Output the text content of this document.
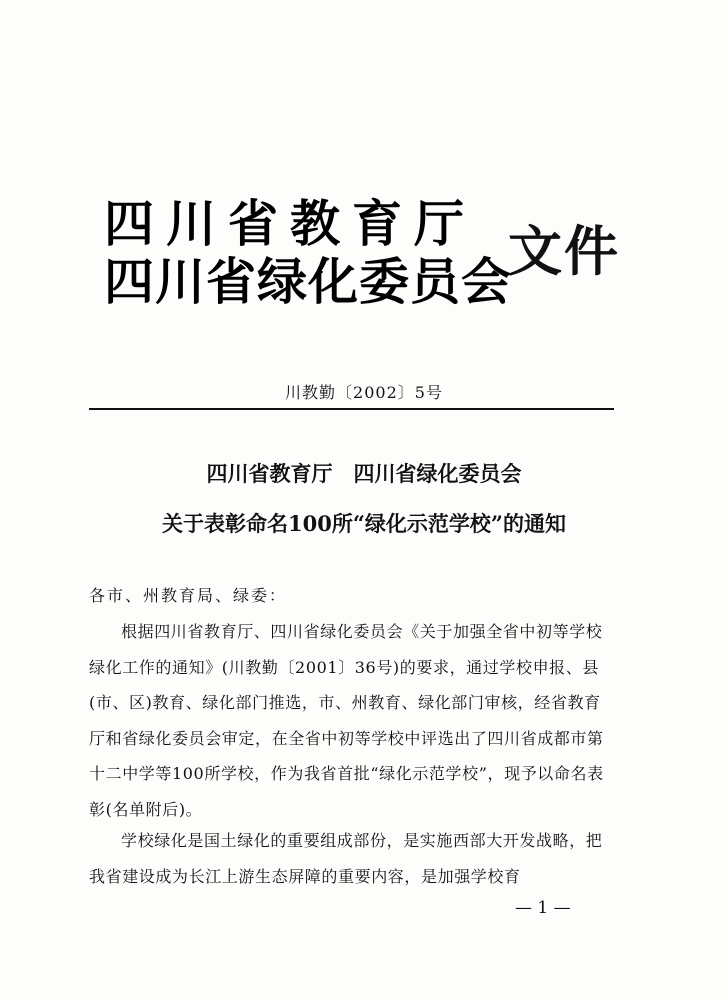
四川省教育厅
四川省绿化委员会
文件
川教勤〔2002〕5号
四川省教育厅　四川省绿化委员会
关于表彰命名100所“绿化示范学校”的通知
各市、州教育局、绿委：
根据四川省教育厅、四川省绿化委员会《关于加强全省中初等学校绿化工作的通知》(川教勤〔2001〕36号)的要求，通过学校申报、县(市、区)教育、绿化部门推选，市、州教育、绿化部门审核，经省教育厅和省绿化委员会审定，在全省中初等学校中评选出了四川省成都市第十二中学等100所学校，作为我省首批“绿化示范学校”，现予以命名表彰(名单附后)。
学校绿化是国土绿化的重要组成部份，是实施西部大开发战略，把我省建设成为长江上游生态屏障的重要内容，是加强学校育
— 1 —
